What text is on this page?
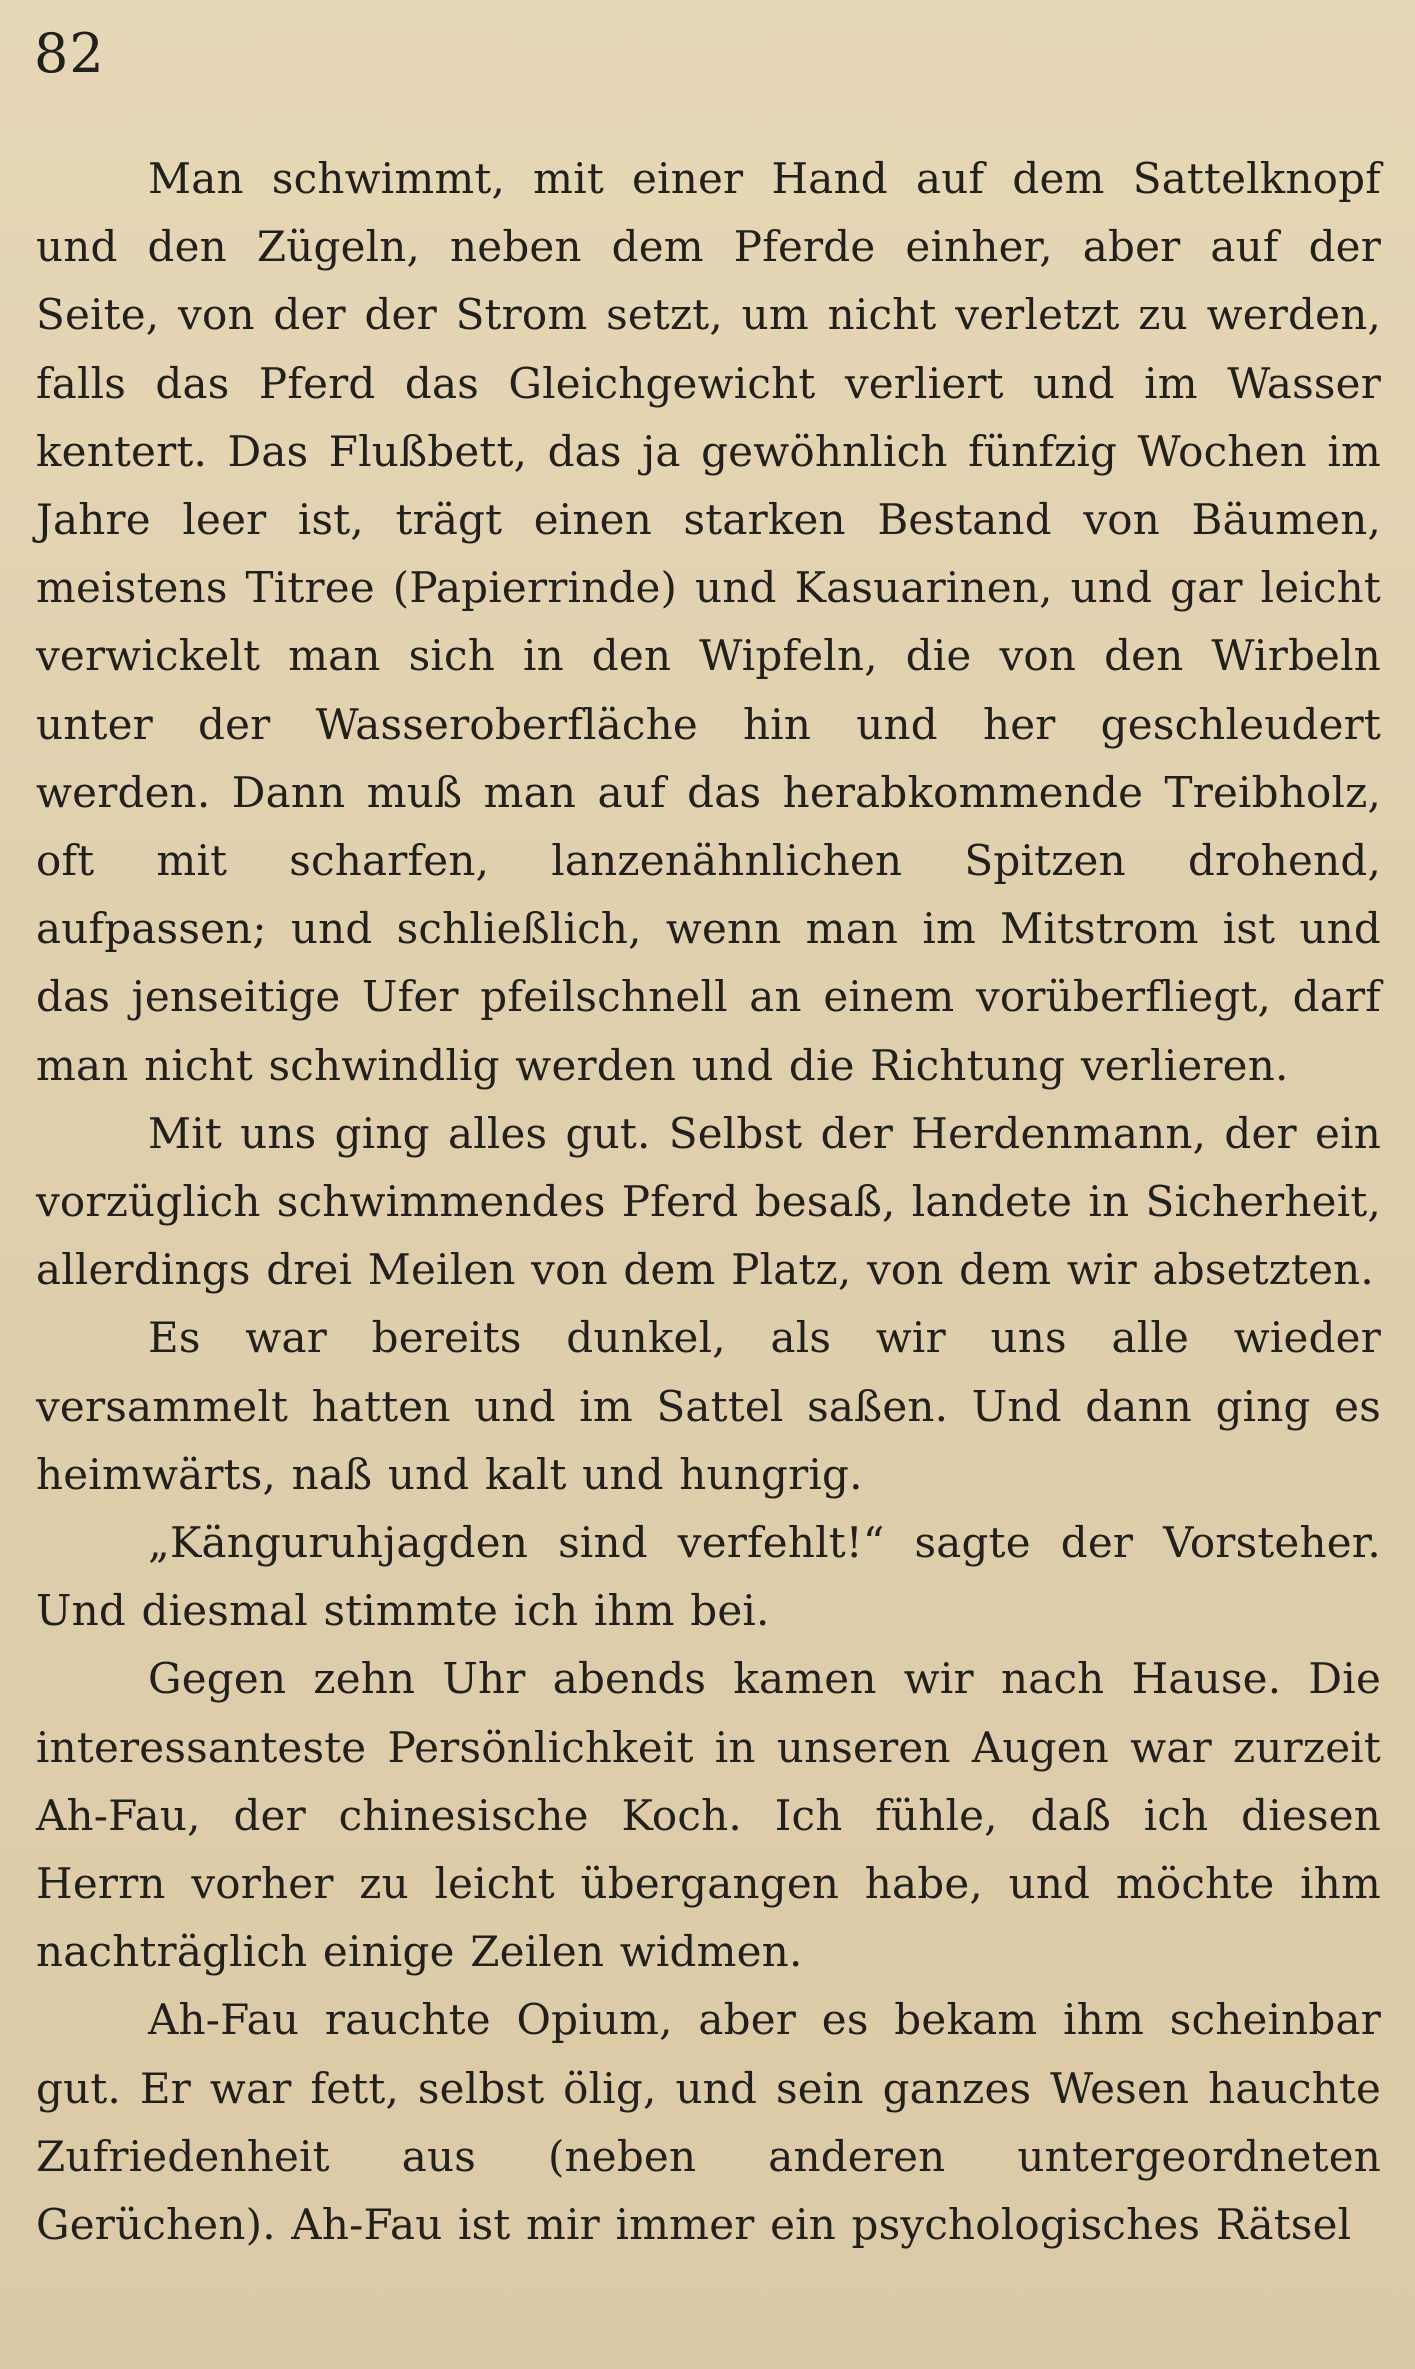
82

Man schwimmt, mit einer Hand auf dem Sattelknopf und den Zügeln, neben dem Pferde einher, aber auf der Seite, von der der Strom setzt, um nicht verletzt zu werden, falls das Pferd das Gleichgewicht verliert und im Wasser kentert. Das Flußbett, das ja gewöhnlich fünfzig Wochen im Jahre leer ist, trägt einen starken Bestand von Bäumen, meistens Titree (Papierrinde) und Kasuarinen, und gar leicht verwickelt man sich in den Wipfeln, die von den Wirbeln unter der Wasseroberfläche hin und her geschleudert werden. Dann muß man auf das herabkommende Treibholz, oft mit scharfen, lanzenähnlichen Spitzen drohend, aufpassen; und schließlich, wenn man im Mitstrom ist und das jenseitige Ufer pfeilschnell an einem vorüberfliegt, darf man nicht schwindlig werden und die Richtung verlieren.

Mit uns ging alles gut. Selbst der Herdenmann, der ein vorzüglich schwimmendes Pferd besaß, landete in Sicherheit, allerdings drei Meilen von dem Platz, von dem wir absetzten.

Es war bereits dunkel, als wir uns alle wieder versammelt hatten und im Sattel saßen. Und dann ging es heimwärts, naß und kalt und hungrig.

„Känguruhjagden sind verfehlt!“ sagte der Vorsteher. Und diesmal stimmte ich ihm bei.

Gegen zehn Uhr abends kamen wir nach Hause. Die interessanteste Persönlichkeit in unseren Augen war zurzeit Ah-Fau, der chinesische Koch. Ich fühle, daß ich diesen Herrn vorher zu leicht übergangen habe, und möchte ihm nachträglich einige Zeilen widmen.

Ah-Fau rauchte Opium, aber es bekam ihm scheinbar gut. Er war fett, selbst ölig, und sein ganzes Wesen hauchte Zufriedenheit aus (neben anderen untergeordneten Gerüchen). Ah-Fau ist mir immer ein psychologisches Rätsel
